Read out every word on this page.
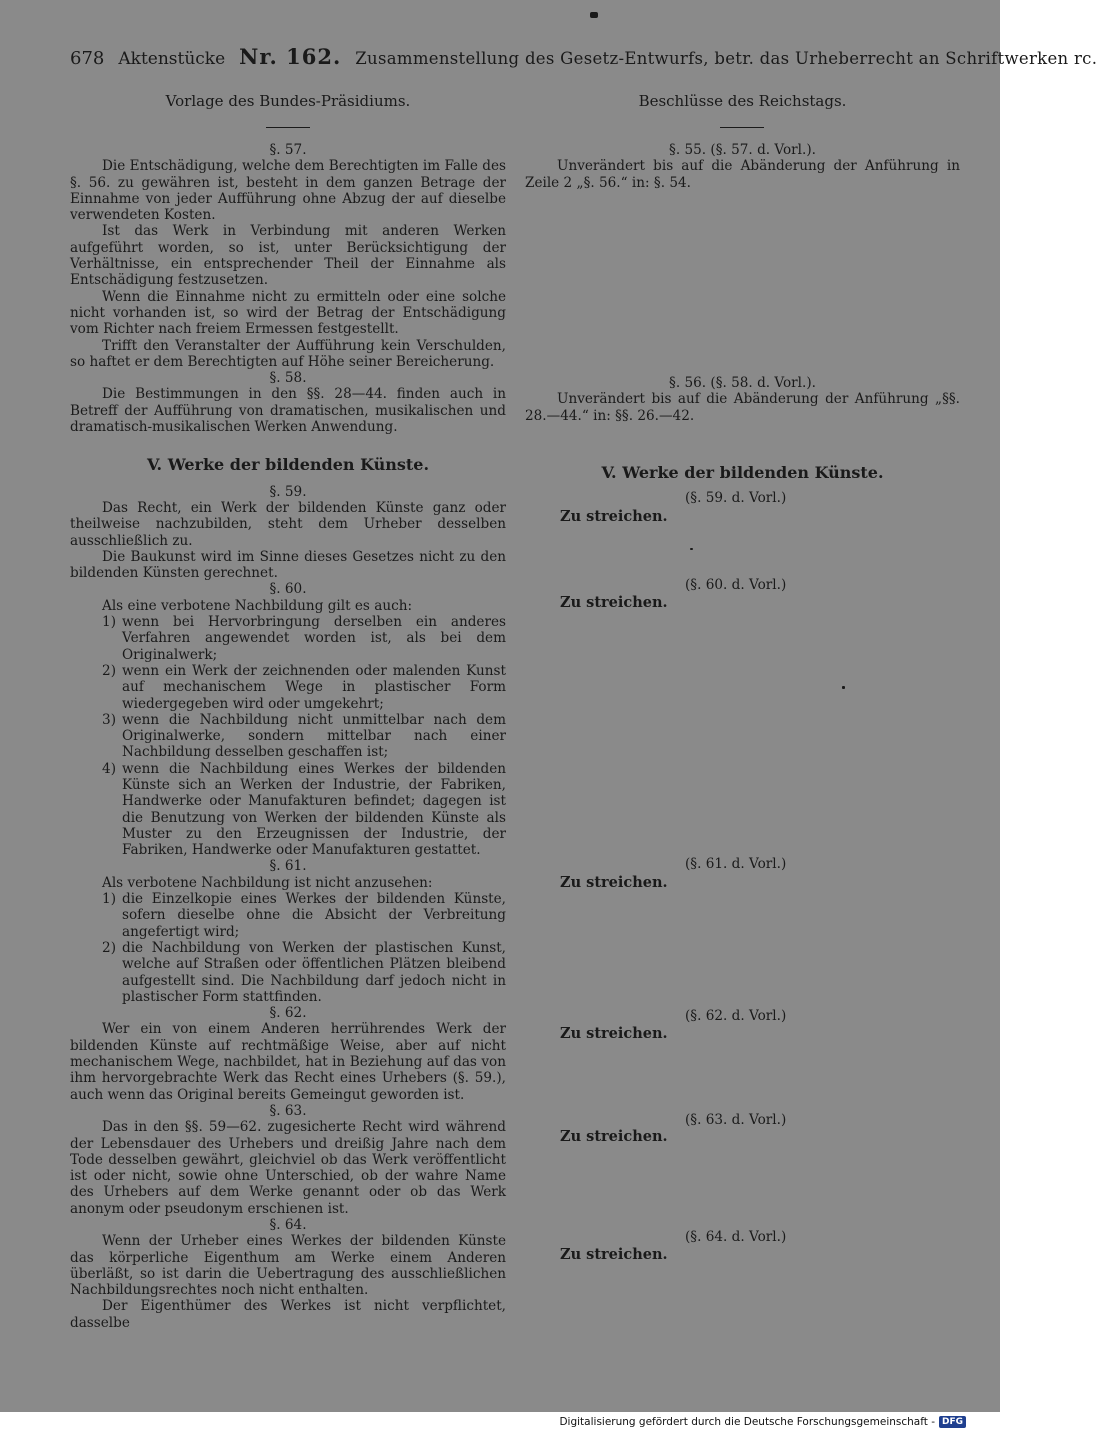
678 Aktenstücke Nr. 162. Zusammenstellung des Gesetz-Entwurfs, betr. das Urheberrecht an Schriftwerken rc.
Vorlage des Bundes-Präsidiums.	Beschlüsse des Reichstags.
§. 57.
Die Entschädigung, welche dem Berechtigten im Falle des §. 56. zu gewähren ist, besteht in dem ganzen Betrage der Einnahme von jeder Aufführung ohne Abzug der auf dieselbe verwendeten Kosten.
Ist das Werk in Verbindung mit anderen Werken aufgeführt worden, so ist, unter Berücksichtigung der Verhältnisse, ein entsprechender Theil der Einnahme als Entschädigung festzusetzen.
Wenn die Einnahme nicht zu ermitteln oder eine solche nicht vorhanden ist, so wird der Betrag der Entschädigung vom Richter nach freiem Ermessen festgestellt.
Trifft den Veranstalter der Aufführung kein Verschulden, so haftet er dem Berechtigten auf Höhe seiner Bereicherung.
§. 58.
Die Bestimmungen in den §§. 28—44. finden auch in Betreff der Aufführung von dramatischen, musikalischen und dramatisch-musikalischen Werken Anwendung.
V. Werke der bildenden Künste.
§. 59.
Das Recht, ein Werk der bildenden Künste ganz oder theilweise nachzubilden, steht dem Urheber desselben ausschließlich zu.
Die Baukunst wird im Sinne dieses Gesetzes nicht zu den bildenden Künsten gerechnet.
§. 60.
Als eine verbotene Nachbildung gilt es auch:
1) wenn bei Hervorbringung derselben ein anderes Verfahren angewendet worden ist, als bei dem Originalwerk;
2) wenn ein Werk der zeichnenden oder malenden Kunst auf mechanischem Wege in plastischer Form wiedergegeben wird oder umgekehrt;
3) wenn die Nachbildung nicht unmittelbar nach dem Originalwerke, sondern mittelbar nach einer Nachbildung desselben geschaffen ist;
4) wenn die Nachbildung eines Werkes der bildenden Künste sich an Werken der Industrie, der Fabriken, Handwerke oder Manufakturen befindet; dagegen ist die Benutzung von Werken der bildenden Künste als Muster zu den Erzeugnissen der Industrie, der Fabriken, Handwerke oder Manufakturen gestattet.
§. 61.
Als verbotene Nachbildung ist nicht anzusehen:
1) die Einzelkopie eines Werkes der bildenden Künste, sofern dieselbe ohne die Absicht der Verbreitung angefertigt wird;
2) die Nachbildung von Werken der plastischen Kunst, welche auf Straßen oder öffentlichen Plätzen bleibend aufgestellt sind. Die Nachbildung darf jedoch nicht in plastischer Form stattfinden.
§. 62.
Wer ein von einem Anderen herrührendes Werk der bildenden Künste auf rechtmäßige Weise, aber auf nicht mechanischem Wege, nachbildet, hat in Beziehung auf das von ihm hervorgebrachte Werk das Recht eines Urhebers (§. 59.), auch wenn das Original bereits Gemeingut geworden ist.
§. 63.
Das in den §§. 59—62. zugesicherte Recht wird während der Lebensdauer des Urhebers und dreißig Jahre nach dem Tode desselben gewährt, gleichviel ob das Werk veröffentlicht ist oder nicht, sowie ohne Unterschied, ob der wahre Name des Urhebers auf dem Werke genannt oder ob das Werk anonym oder pseudonym erschienen ist.
§. 64.
Wenn der Urheber eines Werkes der bildenden Künste das körperliche Eigenthum am Werke einem Anderen überläßt, so ist darin die Uebertragung des ausschließlichen Nachbildungsrechtes noch nicht enthalten.
Der Eigenthümer des Werkes ist nicht verpflichtet, dasselbe
§. 55. (§. 57. d. Vorl.).
Unverändert bis auf die Abänderung der Anführung in Zeile 2 „§. 56.“ in: §. 54.
§. 56. (§. 58. d. Vorl.).
Unverändert bis auf die Abänderung der Anführung „§§. 28.—44.“ in: §§. 26.—42.
V. Werke der bildenden Künste.
(§. 59. d. Vorl.)
Zu streichen.
(§. 60. d. Vorl.)
Zu streichen.
(§. 61. d. Vorl.)
Zu streichen.
(§. 62. d. Vorl.)
Zu streichen.
(§. 63. d. Vorl.)
Zu streichen.
(§. 64. d. Vorl.)
Zu streichen.
Digitalisierung gefördert durch die Deutsche Forschungsgemeinschaft - DFG
